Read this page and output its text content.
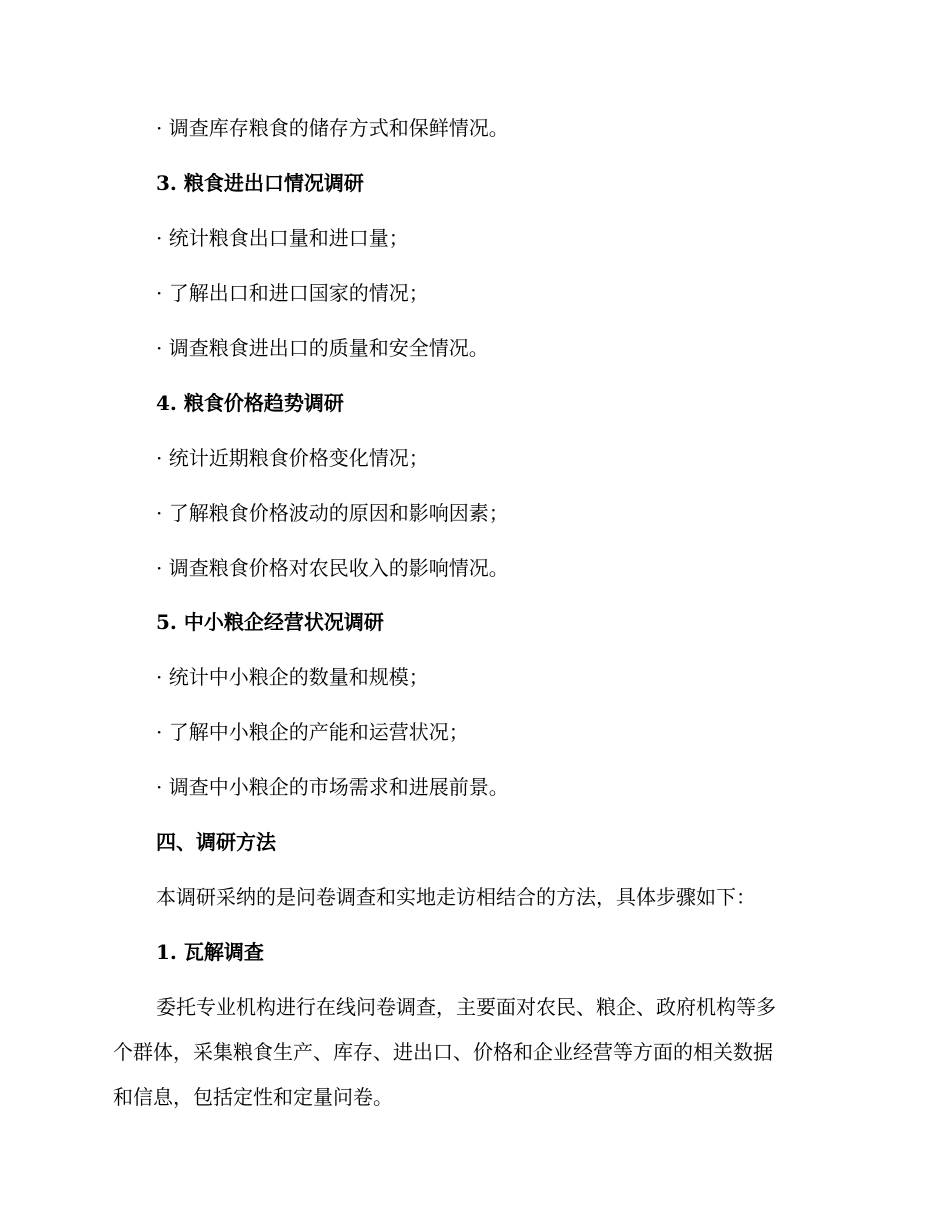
· 调查库存粮食的储存方式和保鲜情况。
3. 粮食进出口情况调研
· 统计粮食出口量和进口量；
· 了解出口和进口国家的情况；
· 调查粮食进出口的质量和安全情况。
4. 粮食价格趋势调研
· 统计近期粮食价格变化情况；
· 了解粮食价格波动的原因和影响因素；
· 调查粮食价格对农民收入的影响情况。
5. 中小粮企经营状况调研
· 统计中小粮企的数量和规模；
· 了解中小粮企的产能和运营状况；
· 调查中小粮企的市场需求和进展前景。
四、调研方法
本调研采纳的是问卷调查和实地走访相结合的方法，具体步骤如下：
1. 瓦解调查
委托专业机构进行在线问卷调查，主要面对农民、粮企、政府机构等多
个群体，采集粮食生产、库存、进出口、价格和企业经营等方面的相关数据
和信息，包括定性和定量问卷。
